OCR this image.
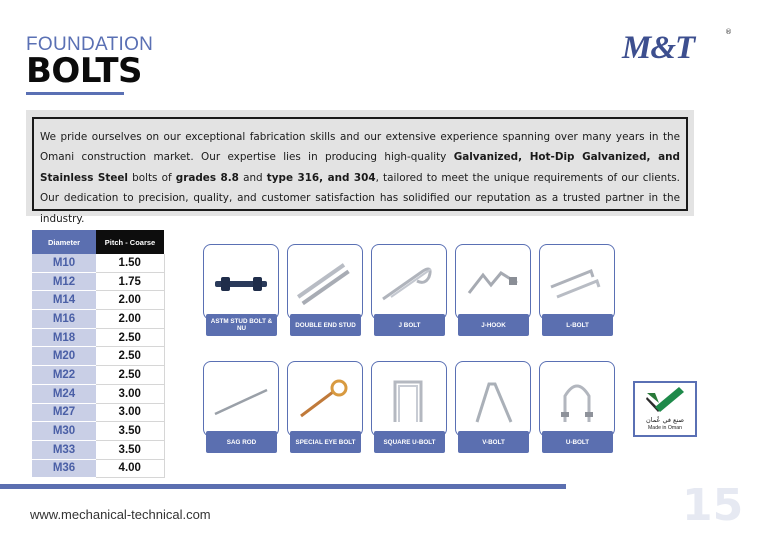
FOUNDATION
BOLTS
M&T	®

We pride ourselves on our exceptional fabrication skills and our extensive experience spanning over many years in the Omani construction market. Our expertise lies in producing high-quality Galvanized, Hot-Dip Galvanized, and Stainless Steel bolts of grades 8.8 and type 316, and 304, tailored to meet the unique requirements of our clients. Our dedication to precision, quality, and customer satisfaction has solidified our reputation as a trusted partner in the industry.

Diameter	Pitch - Coarse
M10	1.50
M12	1.75
M14	2.00
M16	2.00
M18	2.50
M20	2.50
M22	2.50
M24	3.00
M27	3.00
M30	3.50
M33	3.50
M36	4.00
ASTM STUD BOLT & NU	DOUBLE END STUD	J BOLT	J-HOOK	L-BOLT
SAG ROD	SPECIAL EYE BOLT	SQUARE U-BOLT	V-BOLT	U-BOLT
صنع في عُمان
Made in Oman
www.mechanical-technical.com	15
